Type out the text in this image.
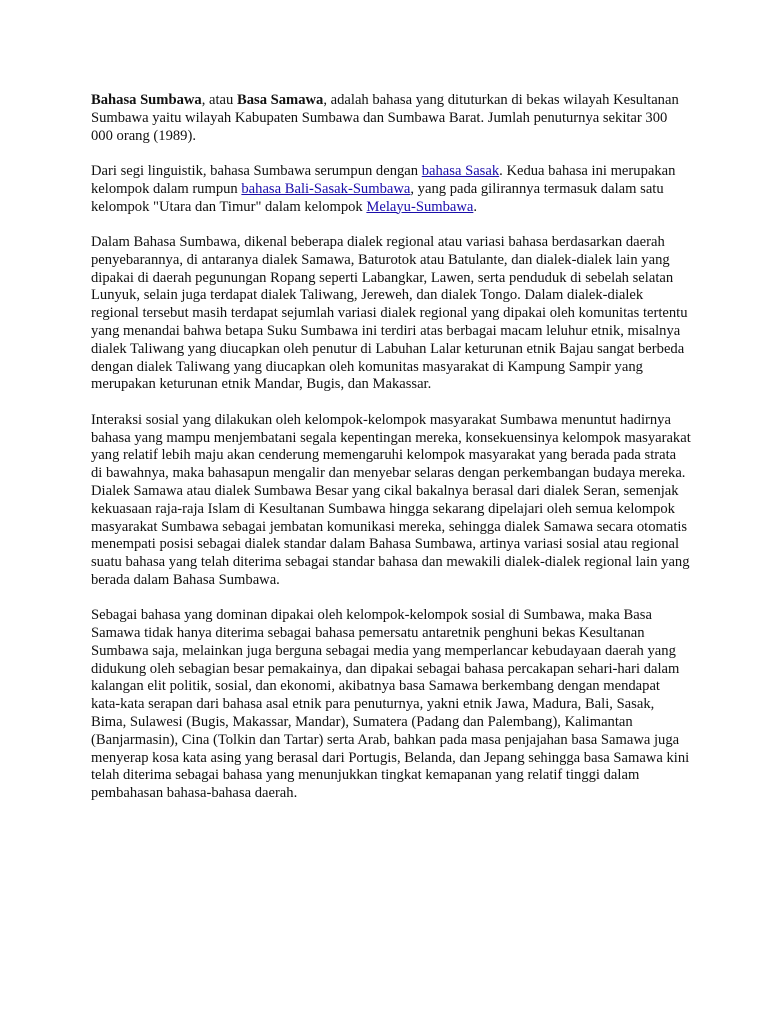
Bahasa Sumbawa, atau Basa Samawa, adalah bahasa yang dituturkan di bekas wilayah Kesultanan Sumbawa yaitu wilayah Kabupaten Sumbawa dan Sumbawa Barat. Jumlah penuturnya sekitar 300 000 orang (1989).

Dari segi linguistik, bahasa Sumbawa serumpun dengan bahasa Sasak. Kedua bahasa ini merupakan kelompok dalam rumpun bahasa Bali-Sasak-Sumbawa, yang pada gilirannya termasuk dalam satu kelompok "Utara dan Timur" dalam kelompok Melayu-Sumbawa.

Dalam Bahasa Sumbawa, dikenal beberapa dialek regional atau variasi bahasa berdasarkan daerah penyebarannya, di antaranya dialek Samawa, Baturotok atau Batulante, dan dialek-dialek lain yang dipakai di daerah pegunungan Ropang seperti Labangkar, Lawen, serta penduduk di sebelah selatan Lunyuk, selain juga terdapat dialek Taliwang, Jereweh, dan dialek Tongo. Dalam dialek-dialek regional tersebut masih terdapat sejumlah variasi dialek regional yang dipakai oleh komunitas tertentu yang menandai bahwa betapa Suku Sumbawa ini terdiri atas berbagai macam leluhur etnik, misalnya dialek Taliwang yang diucapkan oleh penutur di Labuhan Lalar keturunan etnik Bajau sangat berbeda dengan dialek Taliwang yang diucapkan oleh komunitas masyarakat di Kampung Sampir yang merupakan keturunan etnik Mandar, Bugis, dan Makassar.

Interaksi sosial yang dilakukan oleh kelompok-kelompok masyarakat Sumbawa menuntut hadirnya bahasa yang mampu menjembatani segala kepentingan mereka, konsekuensinya kelompok masyarakat yang relatif lebih maju akan cenderung memengaruhi kelompok masyarakat yang berada pada strata di bawahnya, maka bahasapun mengalir dan menyebar selaras dengan perkembangan budaya mereka. Dialek Samawa atau dialek Sumbawa Besar yang cikal bakalnya berasal dari dialek Seran, semenjak kekuasaan raja-raja Islam di Kesultanan Sumbawa hingga sekarang dipelajari oleh semua kelompok masyarakat Sumbawa sebagai jembatan komunikasi mereka, sehingga dialek Samawa secara otomatis menempati posisi sebagai dialek standar dalam Bahasa Sumbawa, artinya variasi sosial atau regional suatu bahasa yang telah diterima sebagai standar bahasa dan mewakili dialek-dialek regional lain yang berada dalam Bahasa Sumbawa.

Sebagai bahasa yang dominan dipakai oleh kelompok-kelompok sosial di Sumbawa, maka Basa Samawa tidak hanya diterima sebagai bahasa pemersatu antaretnik penghuni bekas Kesultanan Sumbawa saja, melainkan juga berguna sebagai media yang memperlancar kebudayaan daerah yang didukung oleh sebagian besar pemakainya, dan dipakai sebagai bahasa percakapan sehari-hari dalam kalangan elit politik, sosial, dan ekonomi, akibatnya basa Samawa berkembang dengan mendapat kata-kata serapan dari bahasa asal etnik para penuturnya, yakni etnik Jawa, Madura, Bali, Sasak, Bima, Sulawesi (Bugis, Makassar, Mandar), Sumatera (Padang dan Palembang), Kalimantan (Banjarmasin), Cina (Tolkin dan Tartar) serta Arab, bahkan pada masa penjajahan basa Samawa juga menyerap kosa kata asing yang berasal dari Portugis, Belanda, dan Jepang sehingga basa Samawa kini telah diterima sebagai bahasa yang menunjukkan tingkat kemapanan yang relatif tinggi dalam pembahasan bahasa-bahasa daerah.
